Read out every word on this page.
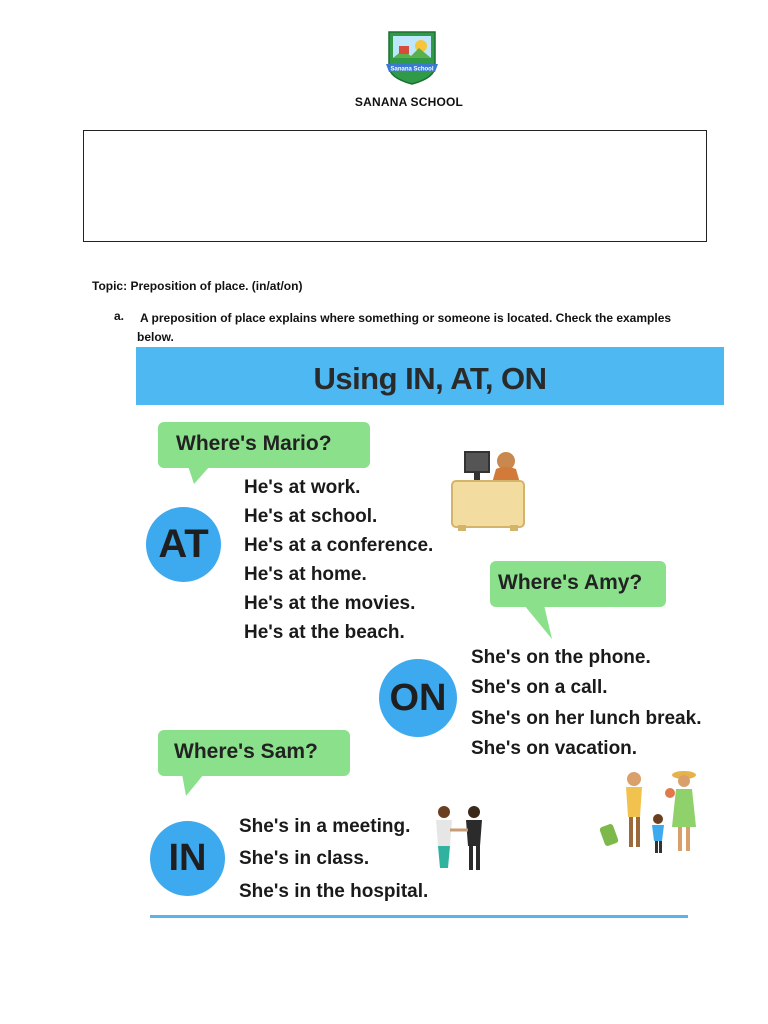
Sanana School
SANANA SCHOOL
Topic: Preposition of place. (in/at/on)
a. A preposition of place explains where something or someone is located. Check the examples below.
Using IN, AT, ON
Where's Mario?
AT
He's at work.
He's at school.
He's at a conference.
He's at home.
He's at the movies.
He's at the beach.
Where's Amy?
ON
She's on the phone.
She's on a call.
She's on her lunch break.
She's on vacation.
Where's Sam?
IN
She's in a meeting.
She's in class.
She's in the hospital.
